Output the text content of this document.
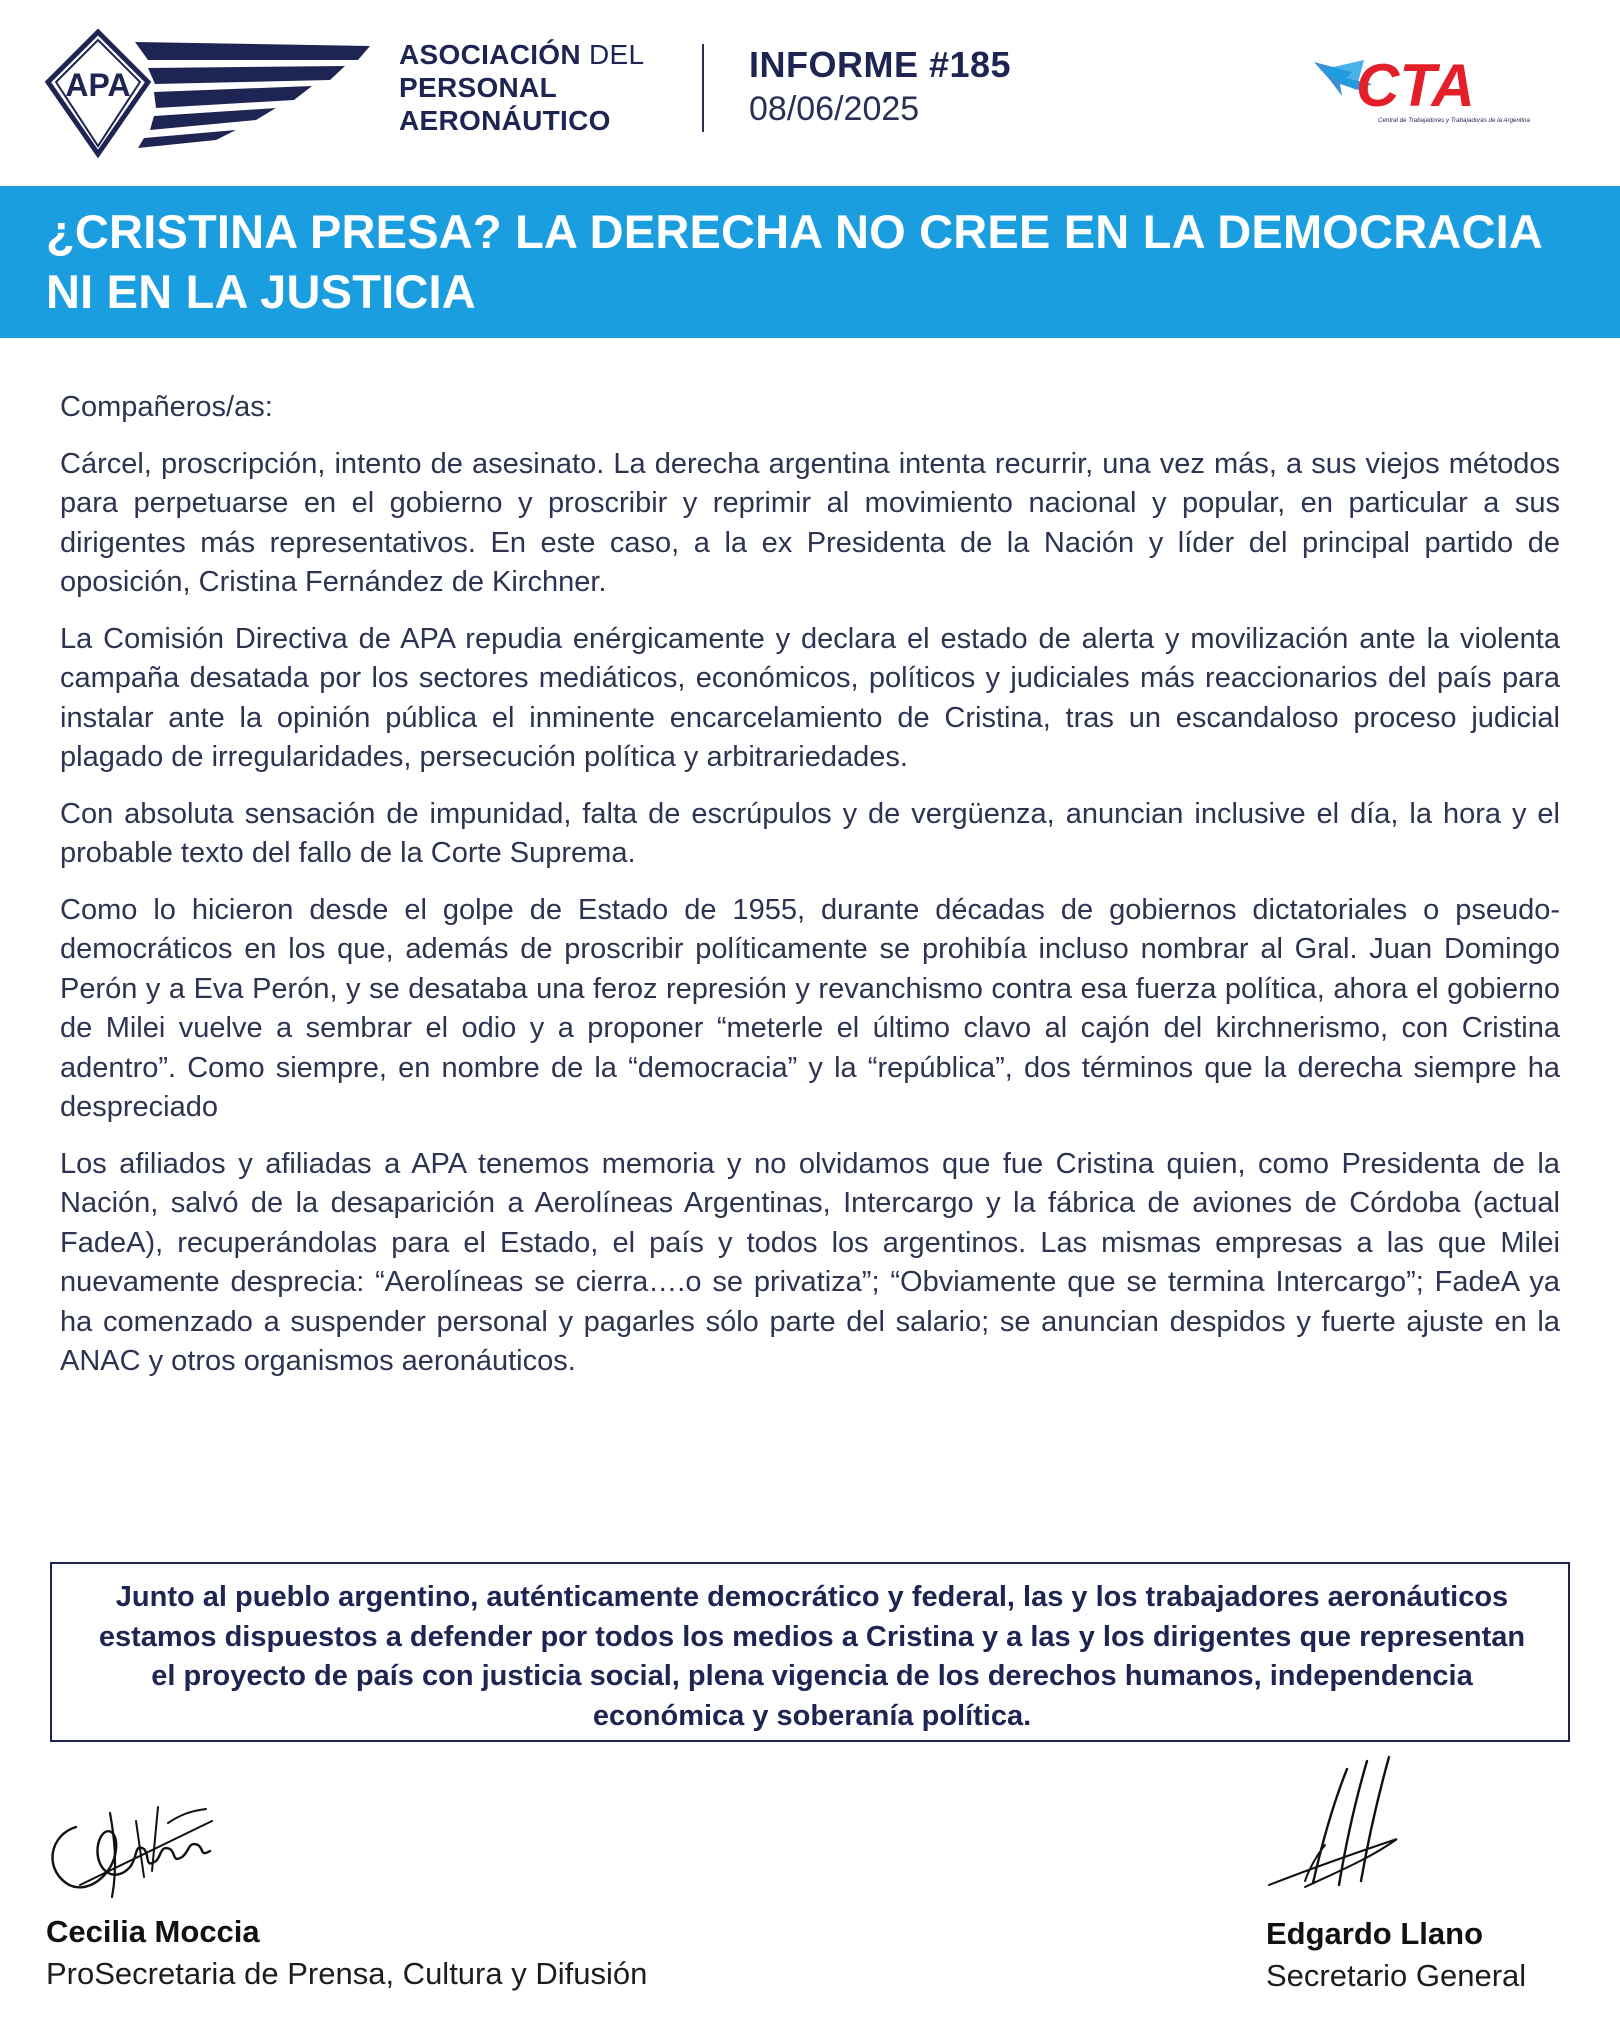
APA
ASOCIACIÓN DEL
PERSONAL
AERONÁUTICO
INFORME #185
08/06/2025	CTA
Central de Trabajadores y Trabajadoras de la Argentina
¿CRISTINA PRESA? LA DERECHA NO CREE EN LA DEMOCRACIA NI EN LA JUSTICIA

Compañeros/as:

Cárcel, proscripción, intento de asesinato. La derecha argentina intenta recurrir, una vez más, a sus viejos métodos para perpetuarse en el gobierno y proscribir y reprimir al movimiento nacional y popular, en particular a sus dirigentes más representativos. En este caso, a la ex Presidenta de la Nación y líder del principal partido de oposición, Cristina Fernández de Kirchner.

La Comisión Directiva de APA repudia enérgicamente y declara el estado de alerta y movilización ante la violenta campaña desatada por los sectores mediáticos, económicos, políticos y judiciales más reaccionarios del país para instalar ante la opinión pública el inminente encarcelamiento de Cristina, tras un escandaloso proceso judicial plagado de irregularidades, persecución política y arbitrariedades.

Con absoluta sensación de impunidad, falta de escrúpulos y de vergüenza, anuncian inclusive el día, la hora y el probable texto del fallo de la Corte Suprema.

Como lo hicieron desde el golpe de Estado de 1955, durante décadas de gobiernos dictatoriales o pseudo-democráticos en los que, además de proscribir políticamente se prohibía incluso nombrar al Gral. Juan Domingo Perón y a Eva Perón, y se desataba una feroz represión y revanchismo contra esa fuerza política, ahora el gobierno de Milei vuelve a sembrar el odio y a proponer “meterle el último clavo al cajón del kirchnerismo, con Cristina adentro”. Como siempre, en nombre de la “democracia” y la “república”, dos términos que la derecha siempre ha despreciado

Los afiliados y afiliadas a APA tenemos memoria y no olvidamos que fue Cristina quien, como Presidenta de la Nación, salvó de la desaparición a Aerolíneas Argentinas, Intercargo y la fábrica de aviones de Córdoba (actual FadeA), recuperándolas para el Estado, el país y todos los argentinos. Las mismas empresas a las que Milei nuevamente desprecia: “Aerolíneas se cierra….o se privatiza”; “Obviamente que se termina Intercargo”; FadeA ya ha comenzado a suspender personal y pagarles sólo parte del salario; se anuncian despidos y fuerte ajuste en la ANAC y otros organismos aeronáuticos.

Junto al pueblo argentino, auténticamente democrático y federal, las y los trabajadores aeronáuticos estamos dispuestos a defender por todos los medios a Cristina y a las y los dirigentes que representan el proyecto de país con justicia social, plena vigencia de los derechos humanos, independencia económica y soberanía política.

Cecilia Moccia
ProSecretaria de Prensa, Cultura y Difusión
Edgardo Llano
Secretario General
